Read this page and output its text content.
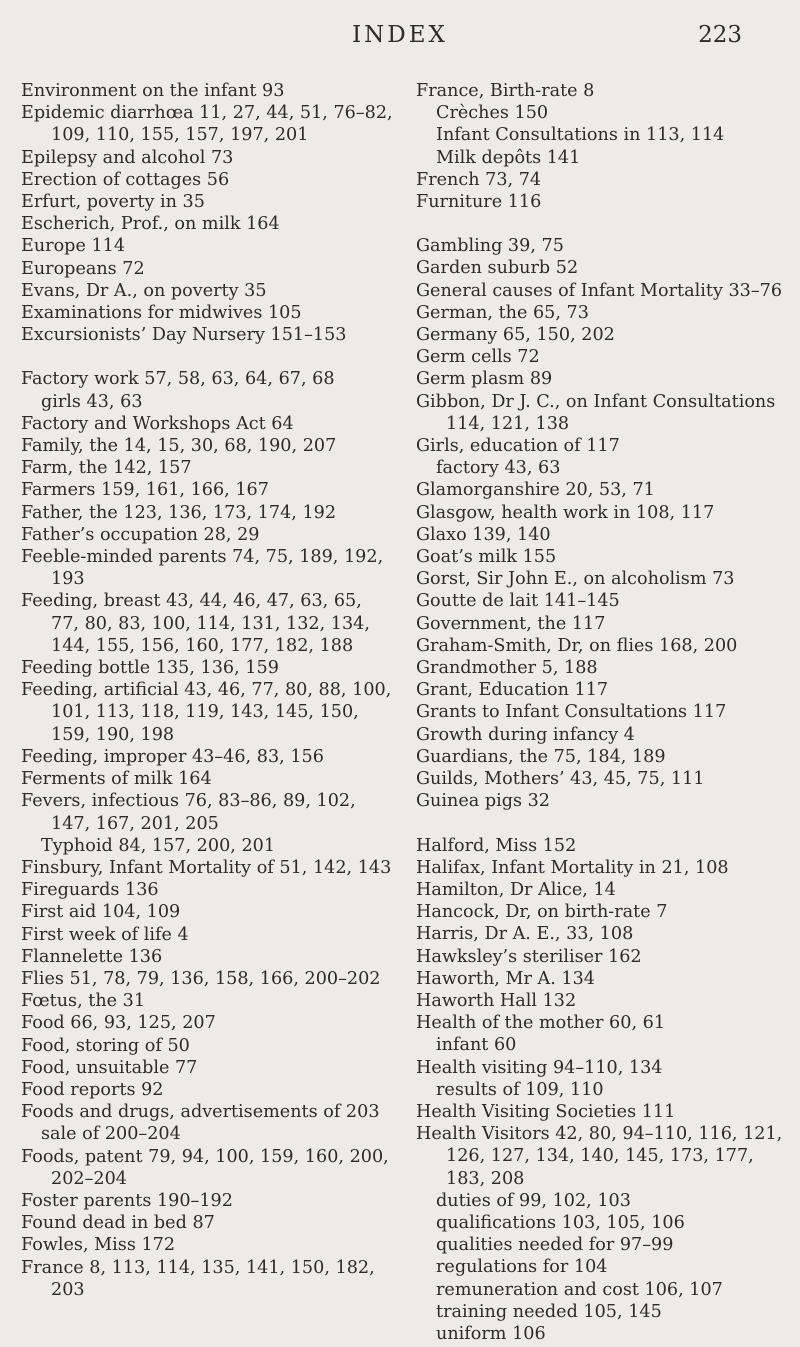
INDEX	223

Environment on the infant 93

Epidemic diarrhœa 11, 27, 44, 51, 76–82, 109, 110, 155, 157, 197, 201

Epilepsy and alcohol 73

Erection of cottages 56

Erfurt, poverty in 35

Escherich, Prof., on milk 164

Europe 114

Europeans 72

Evans, Dr A., on poverty 35

Examinations for midwives 105

Excursionists’ Day Nursery 151–153

Factory work 57, 58, 63, 64, 67, 68

girls 43, 63

Factory and Workshops Act 64

Family, the 14, 15, 30, 68, 190, 207

Farm, the 142, 157

Farmers 159, 161, 166, 167

Father, the 123, 136, 173, 174, 192

Father’s occupation 28, 29

Feeble-minded parents 74, 75, 189, 192, 193

Feeding, breast 43, 44, 46, 47, 63, 65, 77, 80, 83, 100, 114, 131, 132, 134, 144, 155, 156, 160, 177, 182, 188

Feeding bottle 135, 136, 159

Feeding, artificial 43, 46, 77, 80, 88, 100, 101, 113, 118, 119, 143, 145, 150, 159, 190, 198

Feeding, improper 43–46, 83, 156

Ferments of milk 164

Fevers, infectious 76, 83–86, 89, 102, 147, 167, 201, 205

Typhoid 84, 157, 200, 201

Finsbury, Infant Mortality of 51, 142, 143

Fireguards 136

First aid 104, 109

First week of life 4

Flannelette 136

Flies 51, 78, 79, 136, 158, 166, 200–202

Fœtus, the 31

Food 66, 93, 125, 207

Food, storing of 50

Food, unsuitable 77

Food reports 92

Foods and drugs, advertisements of 203

sale of 200–204

Foods, patent 79, 94, 100, 159, 160, 200, 202–204

Foster parents 190–192

Found dead in bed 87

Fowles, Miss 172

France 8, 113, 114, 135, 141, 150, 182, 203

France, Birth-rate 8

Crèches 150

Infant Consultations in 113, 114

Milk depôts 141

French 73, 74

Furniture 116

Gambling 39, 75

Garden suburb 52

General causes of Infant Mortality 33–76

German, the 65, 73

Germany 65, 150, 202

Germ cells 72

Germ plasm 89

Gibbon, Dr J. C., on Infant Consultations 114, 121, 138

Girls, education of 117

factory 43, 63

Glamorganshire 20, 53, 71

Glasgow, health work in 108, 117

Glaxo 139, 140

Goat’s milk 155

Gorst, Sir John E., on alcoholism 73

Goutte de lait 141–145

Government, the 117

Graham-Smith, Dr, on flies 168, 200

Grandmother 5, 188

Grant, Education 117

Grants to Infant Consultations 117

Growth during infancy 4

Guardians, the 75, 184, 189

Guilds, Mothers’ 43, 45, 75, 111

Guinea pigs 32

Halford, Miss 152

Halifax, Infant Mortality in 21, 108

Hamilton, Dr Alice, 14

Hancock, Dr, on birth-rate 7

Harris, Dr A. E., 33, 108

Hawksley’s steriliser 162

Haworth, Mr A. 134

Haworth Hall 132

Health of the mother 60, 61

infant 60

Health visiting 94–110, 134

results of 109, 110

Health Visiting Societies 111

Health Visitors 42, 80, 94–110, 116, 121, 126, 127, 134, 140, 145, 173, 177, 183, 208

duties of 99, 102, 103

qualifications 103, 105, 106

qualities needed for 97–99

regulations for 104

remuneration and cost 106, 107

training needed 105, 145

uniform 106
